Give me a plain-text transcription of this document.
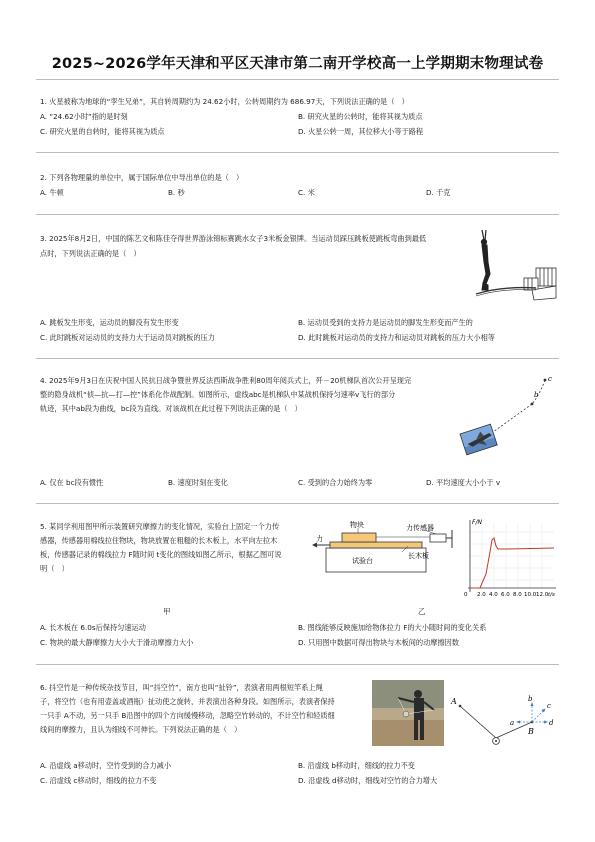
2025~2026学年天津和平区天津市第二南开学校高一上学期期末物理试卷
1. 火星被称为地球的“孪生兄弟”，其自转周期约为 24.62小时，公转周期约为 686.97天，下列说法正确的是（　）
A. “24.62小时”指的是时刻	B. 研究火星的公转时，能将其视为质点
C. 研究火星的自转时，能将其视为质点	D. 火星公转一周，其位移大小等于路程
2. 下列各物理量的单位中，属于国际单位中导出单位的是（　）
A. 牛顿	B. 秒	C. 米	D. 千克
3. 2025年8月2日，中国的陈艺文和陈佳夺得世界游泳锦标赛跳水女子3米板金银牌。当运动员踩压跳板使跳板弯曲到最低
点时，下列说法正确的是（　）
A. 跳板发生形变，运动员的脚没有发生形变	B. 运动员受到的支持力是运动员的脚发生形变而产生的
C. 此时跳板对运动员的支持力大于运动员对跳板的压力	D. 此时跳板对运动员的支持力和运动员对跳板的压力大小相等
4. 2025年9月3日在庆祝中国人民抗日战争暨世界反法西斯战争胜利80周年阅兵式上，歼－20机梯队首次公开呈现完
整的隐身战机“侦—抗—打—控”体系化作战配制。如图所示，虚线abc是机梯队中某战机保持匀速率v飞行的部分
轨迹，其中ab段为曲线，bc段为直线。对该战机在此过程下列说法正确的是（　）
c
b
A. 仅在 bc段有惯性	B. 速度时刻在变化	C. 受到的合力始终为零	D. 平均速度大小小于 v
5. 某同学利用图甲所示装置研究摩擦力的变化情况，实验台上固定一个力传
感器，传感器用棉线拉住物块，物块放置在粗糙的长木板上，水平向左拉木
板，传感器记录的棉线拉力 F随时间 t变化的图线如图乙所示，根据乙图可说
明（　）
物块	力传感器
力
试验台
长木板
F/N
0 2.0 4.0 6.0 8.0 10.0 12.0 t/s
甲	乙
A. 长木板在 6.0s后保持匀速运动	B. 图线能够反映施加给物体拉力 F的大小随时间的变化关系
C. 物块的最大静摩擦力大小大于滑动摩擦力大小	D. 只用图中数据可得出物块与木板间的动摩擦因数
6. 抖空竹是一种传统杂技节目，叫“抖空竹”，南方也叫“扯铃”，表演者用两根短竿系上绳
子，将空竹（也有用壶盖或酒瓶）扯动使之旋转，并表演出各种身段。如图所示，表演者保持
一只手 A不动，另一只手 B沿图中的四个方向缓慢移动，忽略空竹转动的，不计空竹和轻质细
线间的摩擦力，且认为细线不可伸长。下列说法正确的是（　）
A
B
a
b
c
d
A. 沿虚线 a移动时，空竹受到的合力减小	B. 沿虚线 b移动时，细线的拉力不变
C. 沿虚线 c移动时，细线的拉力不变	D. 沿虚线 d移动时，细线对空竹的合力增大
